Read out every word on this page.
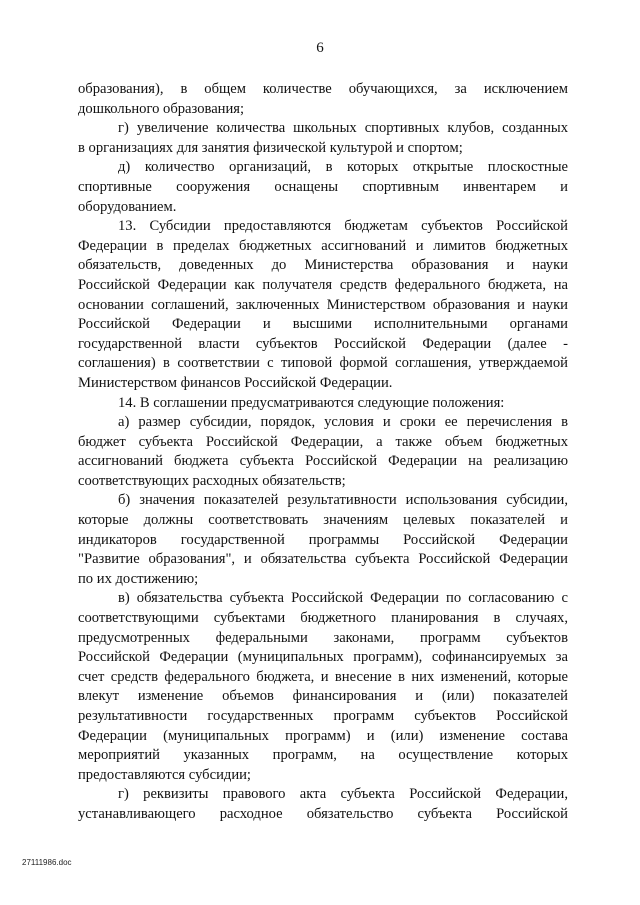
6
образования), в общем количестве обучающихся, за исключением
дошкольного образования;
г) увеличение количества школьных спортивных клубов, созданных
в организациях для занятия физической культурой и спортом;
д) количество организаций, в которых открытые плоскостные
спортивные сооружения оснащены спортивным инвентарем и
оборудованием.
13. Субсидии предоставляются бюджетам субъектов Российской
Федерации в пределах бюджетных ассигнований и лимитов бюджетных
обязательств, доведенных до Министерства образования и науки
Российской Федерации как получателя средств федерального бюджета, на
основании соглашений, заключенных Министерством образования и науки
Российской Федерации и высшими исполнительными органами
государственной власти субъектов Российской Федерации (далее -
соглашения) в соответствии с типовой формой соглашения, утверждаемой
Министерством финансов Российской Федерации.
14. В соглашении предусматриваются следующие положения:
а) размер субсидии, порядок, условия и сроки ее перечисления в
бюджет субъекта Российской Федерации, а также объем бюджетных
ассигнований бюджета субъекта Российской Федерации на реализацию
соответствующих расходных обязательств;
б) значения показателей результативности использования субсидии,
которые должны соответствовать значениям целевых показателей и
индикаторов государственной программы Российской Федерации
"Развитие образования", и обязательства субъекта Российской Федерации
по их достижению;
в) обязательства субъекта Российской Федерации по согласованию с
соответствующими субъектами бюджетного планирования в случаях,
предусмотренных федеральными законами, программ субъектов
Российской Федерации (муниципальных программ), софинансируемых за
счет средств федерального бюджета, и внесение в них изменений, которые
влекут изменение объемов финансирования и (или) показателей
результативности государственных программ субъектов Российской
Федерации (муниципальных программ) и (или) изменение состава
мероприятий указанных программ, на осуществление которых
предоставляются субсидии;
г) реквизиты правового акта субъекта Российской Федерации,
устанавливающего расходное обязательство субъекта Российской
27111986.doc
